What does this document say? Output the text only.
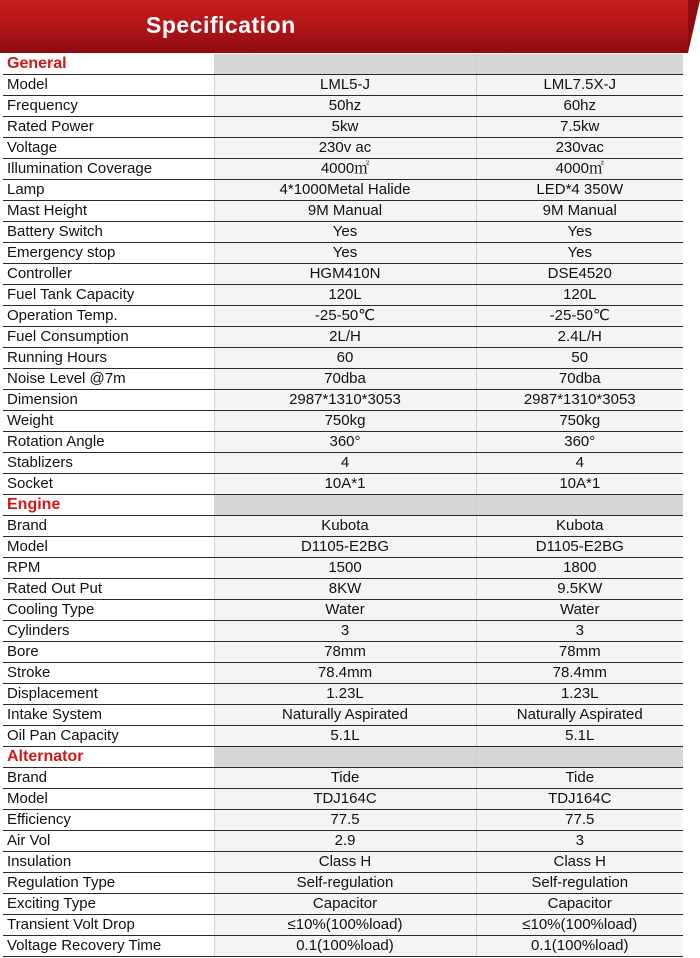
Specification
General		
Model	LML5-J	LML7.5X-J
Frequency	50hz	60hz
Rated Power	5kw	7.5kw
Voltage	230v ac	230vac
Illumination Coverage	4000㎡	4000㎡
Lamp	4*1000Metal Halide	LED*4 350W
Mast Height	9M Manual	9M Manual
Battery Switch	Yes	Yes
Emergency stop	Yes	Yes
Controller	HGM410N	DSE4520
Fuel Tank Capacity	120L	120L
Operation Temp.	-25-50℃	-25-50℃
Fuel Consumption	2L/H	2.4L/H
Running Hours	60	50
Noise Level @7m	70dba	70dba
Dimension	2987*1310*3053	2987*1310*3053
Weight	750kg	750kg
Rotation Angle	360°	360°
Stablizers	4	4
Socket	10A*1	10A*1
Engine		
Brand	Kubota	Kubota
Model	D1105-E2BG	D1105-E2BG
RPM	1500	1800
Rated Out Put	8KW	9.5KW
Cooling Type	Water	Water
Cylinders	3	3
Bore	78mm	78mm
Stroke	78.4mm	78.4mm
Displacement	1.23L	1.23L
Intake System	Naturally Aspirated	Naturally Aspirated
Oil Pan Capacity	5.1L	5.1L
Alternator		
Brand	Tide	Tide
Model	TDJ164C	TDJ164C
Efficiency	77.5	77.5
Air Vol	2.9	3
Insulation	Class H	Class H
Regulation Type	Self-regulation	Self-regulation
Exciting Type	Capacitor	Capacitor
Transient Volt Drop	≤10%(100%load)	≤10%(100%load)
Voltage Recovery Time	0.1(100%load)	0.1(100%load)
